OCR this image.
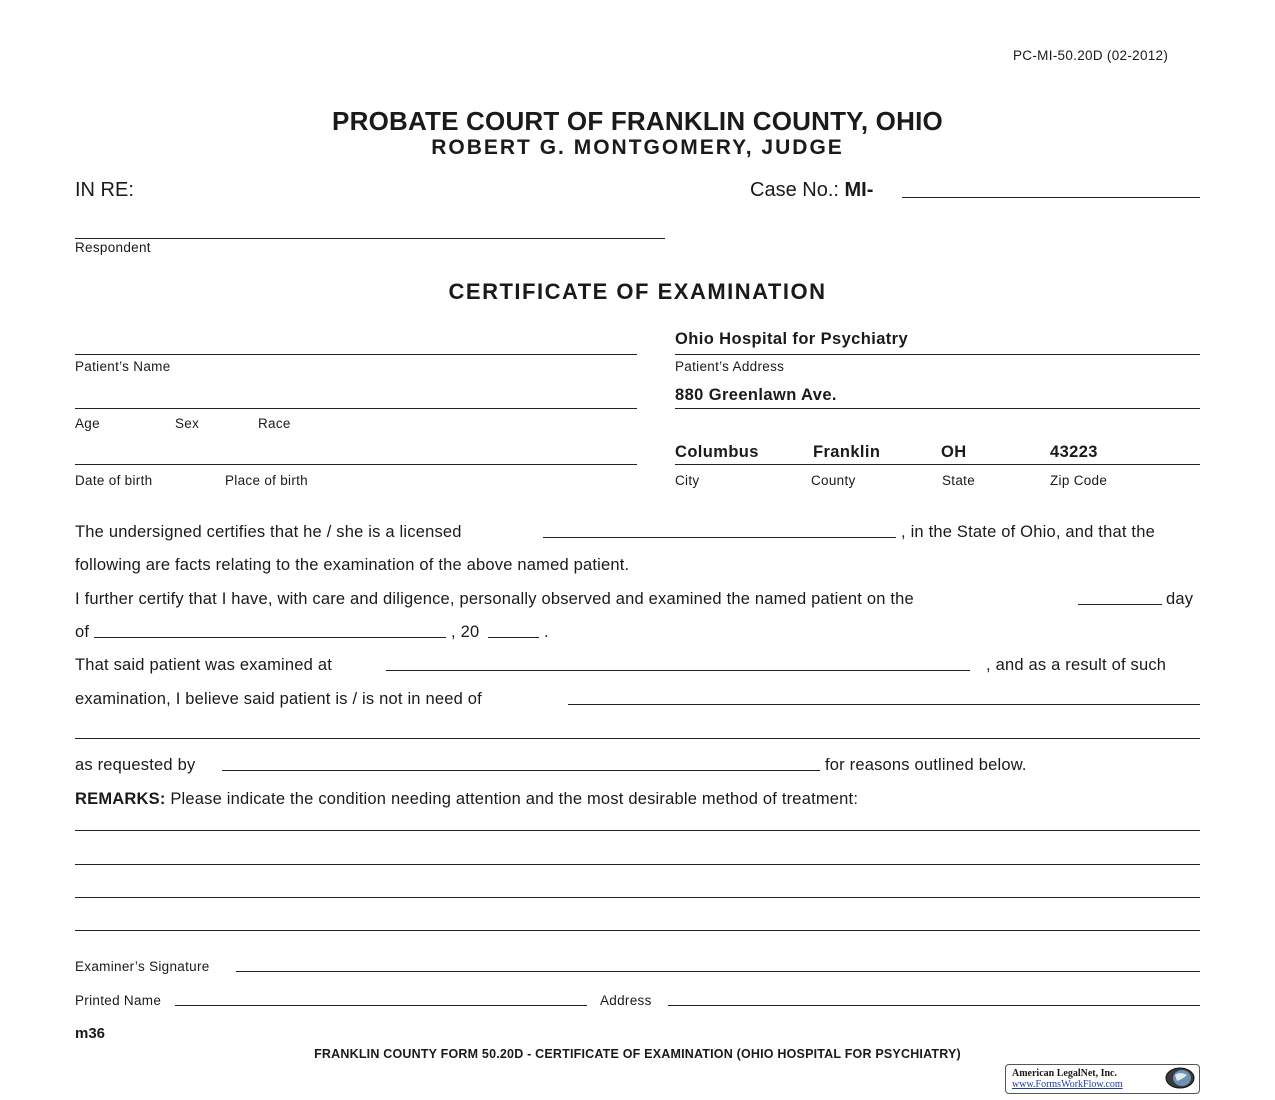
PC-MI-50.20D (02-2012)
PROBATE COURT OF FRANKLIN COUNTY, OHIO
ROBERT G. MONTGOMERY, JUDGE
IN RE:	Case No.: MI-
Respondent
CERTIFICATE OF EXAMINATION
Patient’s Name
Age	Sex	Race
Date of birth	Place of birth
Ohio Hospital for Psychiatry
Patient’s Address
880 Greenlawn Ave.
Columbus	Franklin	OH	43223
City	County	State	Zip Code
The undersigned certifies that he / she is a licensed	, in the State of Ohio, and that the
following are facts relating to the examination of the above named patient.
I further certify that I have, with care and diligence, personally observed and examined the named patient on the	day
of	, 20	.
That said patient was examined at	, and as a result of such
examination, I believe said patient is / is not in need of
as requested by	for reasons outlined below.
REMARKS: Please indicate the condition needing attention and the most desirable method of treatment:
Examiner’s Signature
Printed Name	Address
m36
FRANKLIN COUNTY FORM 50.20D - CERTIFICATE OF EXAMINATION (OHIO HOSPITAL FOR PSYCHIATRY)
American LegalNet, Inc.
www.FormsWorkFlow.com
